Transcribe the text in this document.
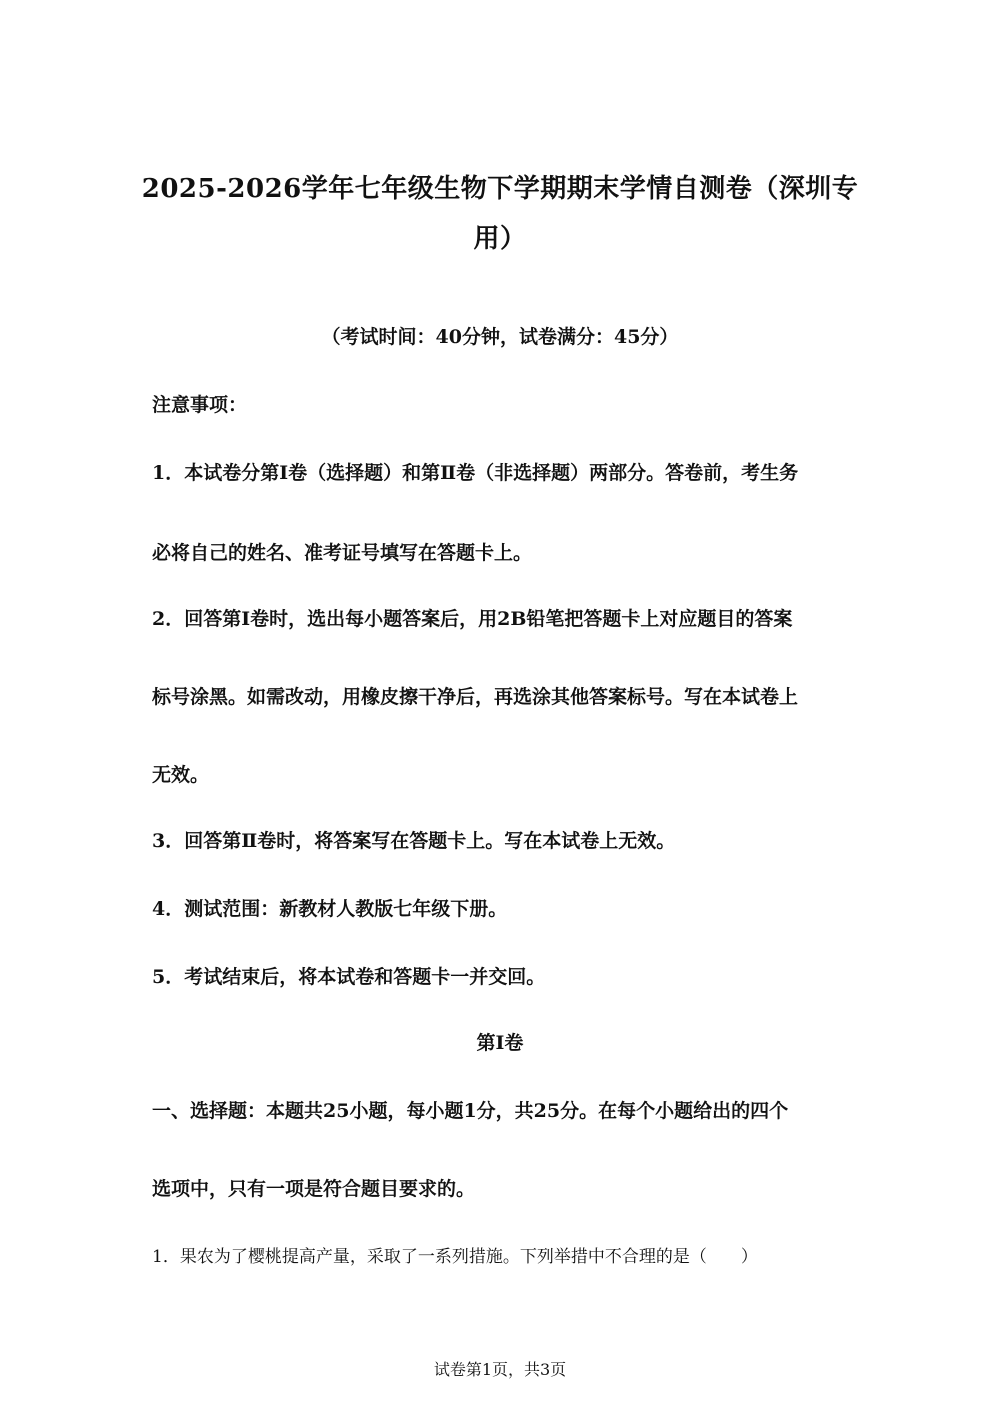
2025-2026学年七年级生物下学期期末学情自测卷（深圳专
用）
（考试时间：40分钟，试卷满分：45分）
注意事项：
1．本试卷分第Ⅰ卷（选择题）和第Ⅱ卷（非选择题）两部分。答卷前，考生务
必将自己的姓名、准考证号填写在答题卡上。
2．回答第Ⅰ卷时，选出每小题答案后，用2B铅笔把答题卡上对应题目的答案
标号涂黑。如需改动，用橡皮擦干净后，再选涂其他答案标号。写在本试卷上
无效。
3．回答第Ⅱ卷时，将答案写在答题卡上。写在本试卷上无效。
4．测试范围：新教材人教版七年级下册。
5．考试结束后，将本试卷和答题卡一并交回。
第Ⅰ卷
一、选择题：本题共25小题，每小题1分，共25分。在每个小题给出的四个
选项中，只有一项是符合题目要求的。
1．果农为了樱桃提高产量，采取了一系列措施。下列举措中不合理的是（　　）
试卷第1页，共3页
